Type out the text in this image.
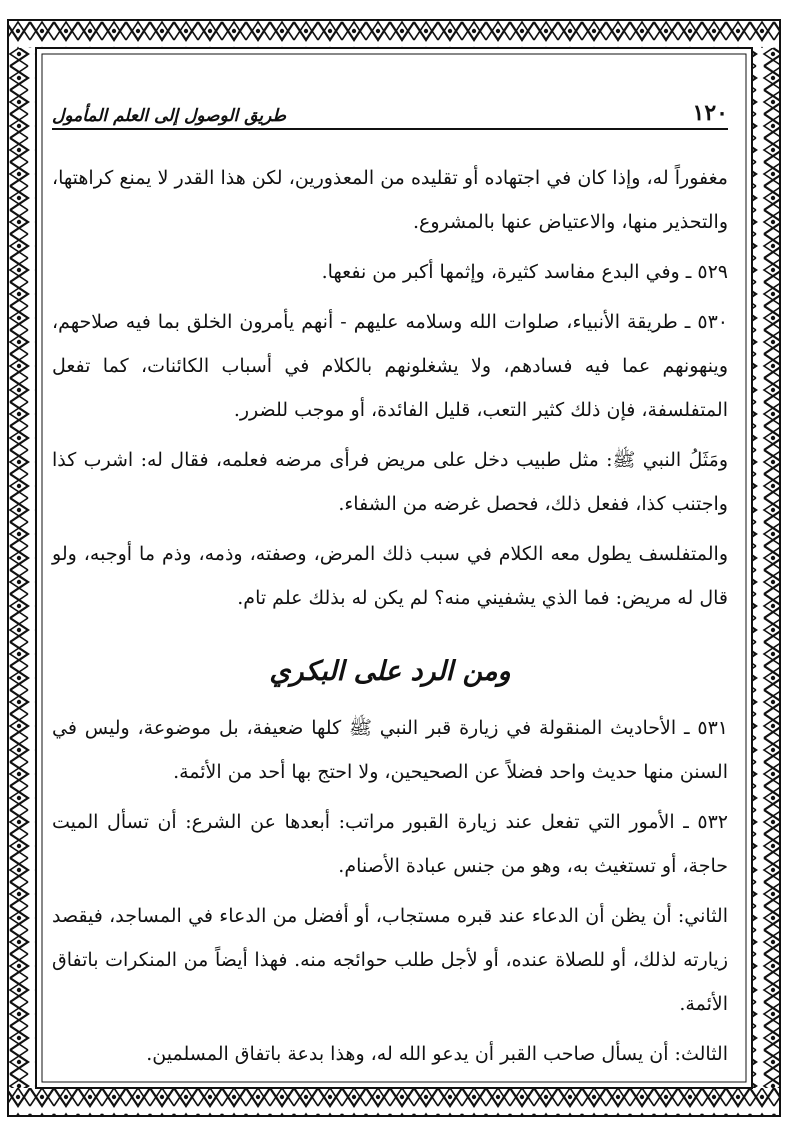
١٢٠
طريق الوصول إلى العلم المأمول

مغفوراً له، وإذا كان في اجتهاده أو تقليده من المعذورين، لكن هذا القدر لا يمنع كراهتها، والتحذير منها، والاعتياض عنها بالمشروع.

٥٢٩ ـ وفي البدع مفاسد كثيرة، وإثمها أكبر من نفعها.

٥٣٠ ـ طريقة الأنبياء، صلوات الله وسلامه عليهم - أنهم يأمرون الخلق بما فيه صلاحهم، وينهونهم عما فيه فسادهم، ولا يشغلونهم بالكلام في أسباب الكائنات، كما تفعل المتفلسفة، فإن ذلك كثير التعب، قليل الفائدة، أو موجب للضرر.

ومَثَلُ النبي ﷺ: مثل طبيب دخل على مريض فرأى مرضه فعلمه، فقال له: اشرب كذا واجتنب كذا، ففعل ذلك، فحصل غرضه من الشفاء.

والمتفلسف يطول معه الكلام في سبب ذلك المرض، وصفته، وذمه، وذم ما أوجبه، ولو قال له مريض: فما الذي يشفيني منه؟ لم يكن له بذلك علم تام.

ومن الرد على البكري

٥٣١ ـ الأحاديث المنقولة في زيارة قبر النبي ﷺ كلها ضعيفة، بل موضوعة، وليس في السنن منها حديث واحد فضلاً عن الصحيحين، ولا احتج بها أحد من الأئمة.

٥٣٢ ـ الأمور التي تفعل عند زيارة القبور مراتب: أبعدها عن الشرع: أن تسأل الميت حاجة، أو تستغيث به، وهو من جنس عبادة الأصنام.

الثاني: أن يظن أن الدعاء عند قبره مستجاب، أو أفضل من الدعاء في المساجد، فيقصد زيارته لذلك، أو للصلاة عنده، أو لأجل طلب حوائجه منه. فهذا أيضاً من المنكرات باتفاق الأئمة.

الثالث: أن يسأل صاحب القبر أن يدعو الله له، وهذا بدعة باتفاق المسلمين.
